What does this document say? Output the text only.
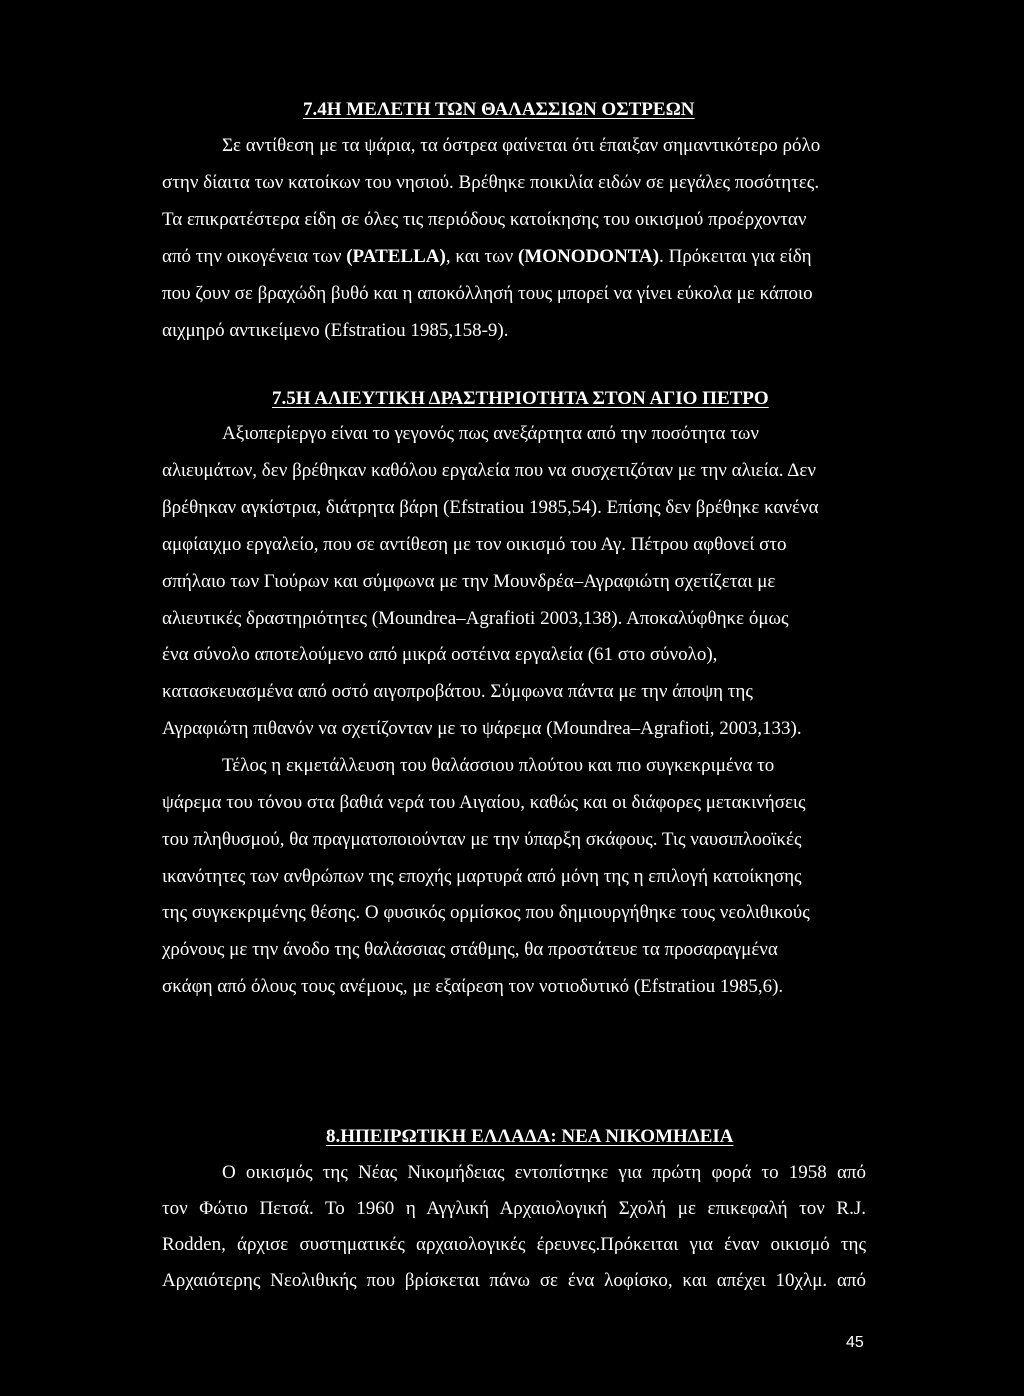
7.4Η ΜΕΛΕΤΗ ΤΩΝ ΘΑΛΑΣΣΙΩΝ ΟΣΤΡΕΩΝ
Σε αντίθεση με τα ψάρια, τα όστρεα φαίνεται ότι έπαιξαν σημαντικότερο ρόλο
στην δίαιτα των κατοίκων του νησιού. Βρέθηκε ποικιλία ειδών σε μεγάλες ποσότητες.
Τα επικρατέστερα είδη σε όλες τις περιόδους κατοίκησης του οικισμού προέρχονταν
από την οικογένεια των (PATELLA), και των (MONODONTA). Πρόκειται για είδη
που ζουν σε βραχώδη βυθό και η αποκόλλησή τους μπορεί να γίνει εύκολα με κάποιο
αιχμηρό αντικείμενο (Efstratiou 1985,158-9).
7.5Η ΑΛΙΕΥΤΙΚΗ ΔΡΑΣΤΗΡΙΟΤΗΤΑ ΣΤΟΝ ΑΓΙΟ ΠΕΤΡΟ
Αξιοπερίεργο είναι το γεγονός πως ανεξάρτητα από την ποσότητα των
αλιευμάτων, δεν βρέθηκαν καθόλου εργαλεία που να συσχετιζόταν με την αλιεία. Δεν
βρέθηκαν αγκίστρια, διάτρητα βάρη (Efstratiou 1985,54). Επίσης δεν βρέθηκε κανένα
αμφίαιχμο εργαλείο, που σε αντίθεση με τον οικισμό του Αγ. Πέτρου αφθονεί στο
σπήλαιο των Γιούρων και σύμφωνα με την Μουνδρέα–Αγραφιώτη σχετίζεται με
αλιευτικές δραστηριότητες (Moundrea–Agrafioti 2003,138). Αποκαλύφθηκε όμως
ένα σύνολο αποτελούμενο από μικρά οστέινα εργαλεία (61 στο σύνολο),
κατασκευασμένα από οστό αιγοπροβάτου. Σύμφωνα πάντα με την άποψη της
Αγραφιώτη πιθανόν να σχετίζονταν με το ψάρεμα (Moundrea–Agrafioti, 2003,133).
Τέλος η εκμετάλλευση του θαλάσσιου πλούτου και πιο συγκεκριμένα το
ψάρεμα του τόνου στα βαθιά νερά του Αιγαίου, καθώς και οι διάφορες μετακινήσεις
του πληθυσμού, θα πραγματοποιούνταν με την ύπαρξη σκάφους. Τις ναυσιπλοοϊκές
ικανότητες των ανθρώπων της εποχής μαρτυρά από μόνη της η επιλογή κατοίκησης
της συγκεκριμένης θέσης. Ο φυσικός ορμίσκος που δημιουργήθηκε τους νεολιθικούς
χρόνους με την άνοδο της θαλάσσιας στάθμης, θα προστάτευε τα προσαραγμένα
σκάφη από όλους τους ανέμους, με εξαίρεση τον νοτιοδυτικό (Efstratiou 1985,6).
8.ΗΠΕΙΡΩΤΙΚΗ ΕΛΛΑΔΑ: ΝΕΑ ΝΙΚΟΜΗΔΕΙΑ
Ο οικισμός της Νέας Νικομήδειας εντοπίστηκε για πρώτη φορά το 1958 από
τον Φώτιο Πετσά. Το 1960 η Αγγλική Αρχαιολογική Σχολή με επικεφαλή τον R.J.
Rodden, άρχισε συστηματικές αρχαιολογικές έρευνες.Πρόκειται για έναν οικισμό της
Αρχαιότερης Νεολιθικής που βρίσκεται πάνω σε ένα λοφίσκο, και απέχει 10χλμ. από
45
